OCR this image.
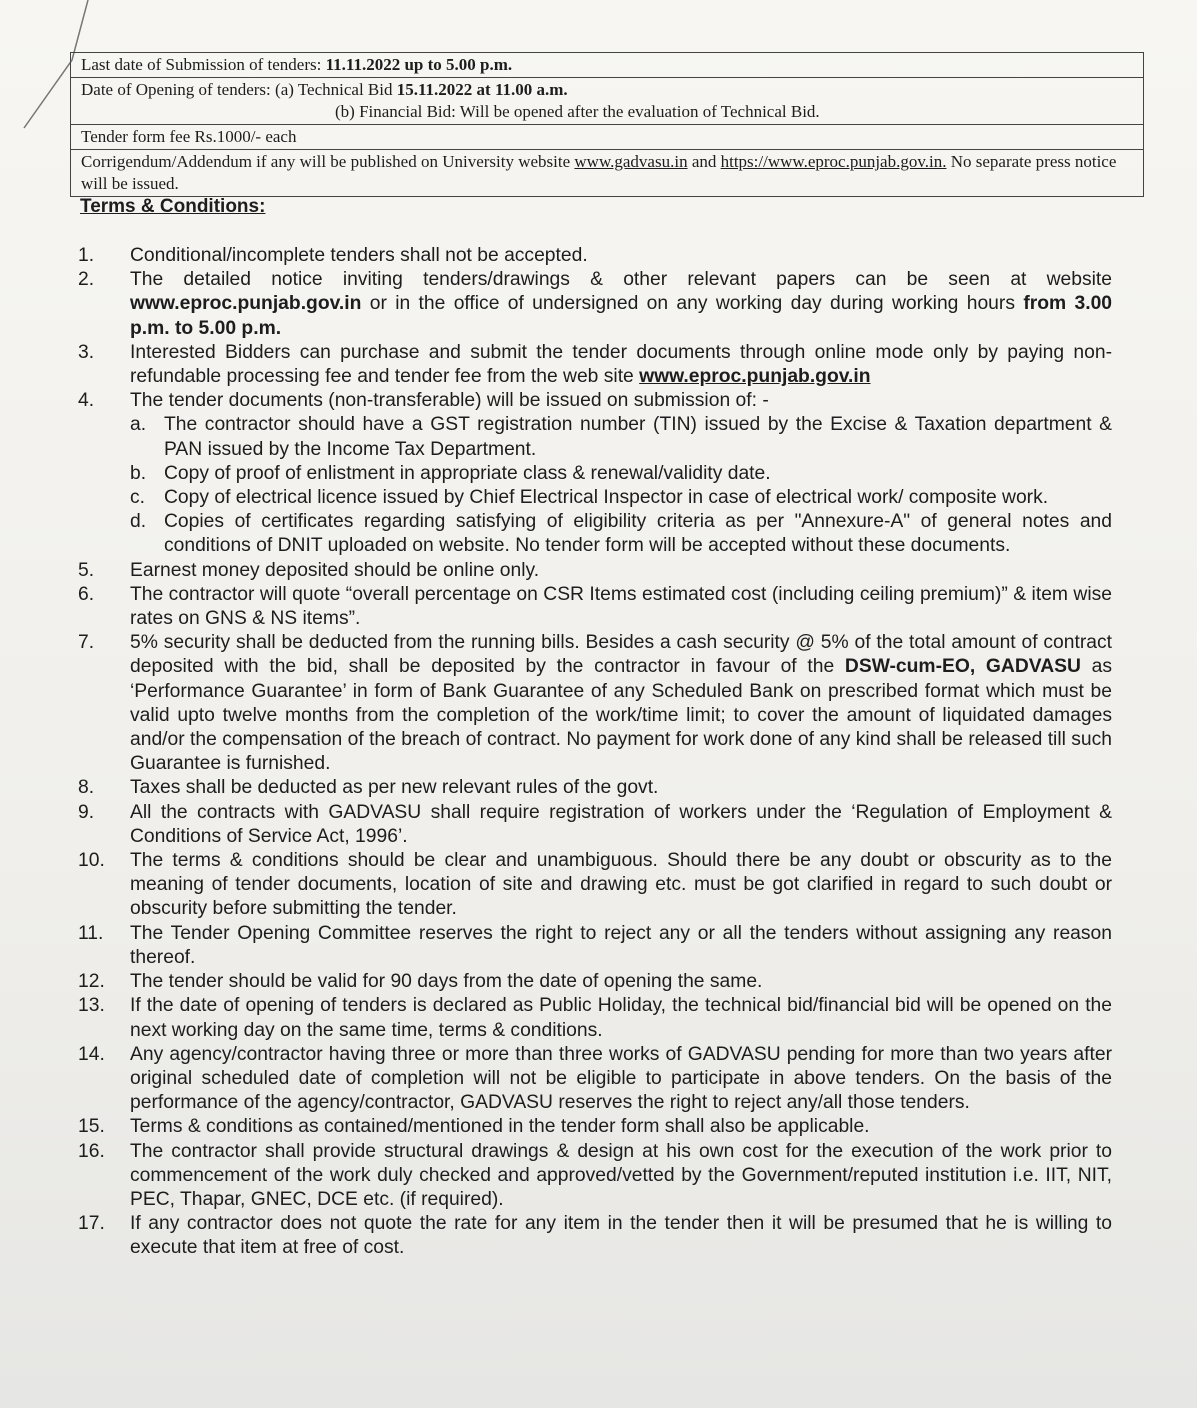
Last date of Submission of tenders: 11.11.2022 up to 5.00 p.m.
Date of Opening of tenders: (a) Technical Bid 15.11.2022 at 11.00 a.m.
(b) Financial Bid: Will be opened after the evaluation of Technical Bid.

Tender form fee Rs.1000/- each
Corrigendum/Addendum if any will be published on University website www.gadvasu.in and https://www.eproc.punjab.gov.in. No separate press notice will be issued.
Terms & Conditions:
1.	Conditional/incomplete tenders shall not be accepted.
2.	The detailed notice inviting tenders/drawings & other relevant papers can be seen at website www.eproc.punjab.gov.in or in the office of undersigned on any working day during working hours from 3.00 p.m. to 5.00 p.m.
3.	Interested Bidders can purchase and submit the tender documents through online mode only by paying non-refundable processing fee and tender fee from the web site www.eproc.punjab.gov.in
4.	The tender documents (non-transferable) will be issued on submission of: -
a. The contractor should have a GST registration number (TIN) issued by the Excise & Taxation department & PAN issued by the Income Tax Department.
b. Copy of proof of enlistment in appropriate class & renewal/validity date.
c. Copy of electrical licence issued by Chief Electrical Inspector in case of electrical work/ composite work.
d. Copies of certificates regarding satisfying of eligibility criteria as per "Annexure-A" of general notes and conditions of DNIT uploaded on website. No tender form will be accepted without these documents.
5.	Earnest money deposited should be online only.
6.	The contractor will quote “overall percentage on CSR Items estimated cost (including ceiling premium)” & item wise rates on GNS & NS items”.
7.	5% security shall be deducted from the running bills. Besides a cash security @ 5% of the total amount of contract deposited with the bid, shall be deposited by the contractor in favour of the DSW-cum-EO, GADVASU as ‘Performance Guarantee’ in form of Bank Guarantee of any Scheduled Bank on prescribed format which must be valid upto twelve months from the completion of the work/time limit; to cover the amount of liquidated damages and/or the compensation of the breach of contract. No payment for work done of any kind shall be released till such Guarantee is furnished.
8.	Taxes shall be deducted as per new relevant rules of the govt.
9.	All the contracts with GADVASU shall require registration of workers under the ‘Regulation of Employment & Conditions of Service Act, 1996’.
10.	The terms & conditions should be clear and unambiguous. Should there be any doubt or obscurity as to the meaning of tender documents, location of site and drawing etc. must be got clarified in regard to such doubt or obscurity before submitting the tender.
11.	The Tender Opening Committee reserves the right to reject any or all the tenders without assigning any reason thereof.
12.	The tender should be valid for 90 days from the date of opening the same.
13.	If the date of opening of tenders is declared as Public Holiday, the technical bid/financial bid will be opened on the next working day on the same time, terms & conditions.
14.	Any agency/contractor having three or more than three works of GADVASU pending for more than two years after original scheduled date of completion will not be eligible to participate in above tenders. On the basis of the performance of the agency/contractor, GADVASU reserves the right to reject any/all those tenders.
15.	Terms & conditions as contained/mentioned in the tender form shall also be applicable.
16.	The contractor shall provide structural drawings & design at his own cost for the execution of the work prior to commencement of the work duly checked and approved/vetted by the Government/reputed institution i.e. IIT, NIT, PEC, Thapar, GNEC, DCE etc. (if required).
17.	If any contractor does not quote the rate for any item in the tender then it will be presumed that he is willing to execute that item at free of cost.
